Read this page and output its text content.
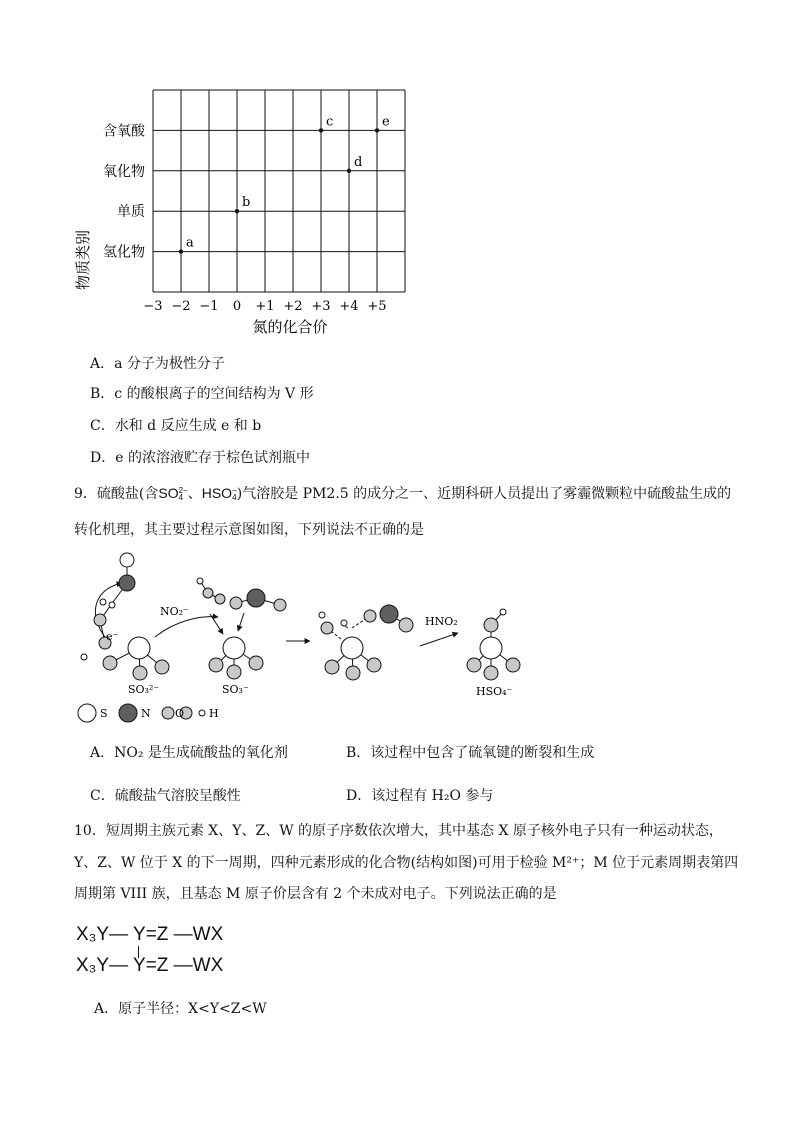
氢化物
单质
氧化物
含氧酸
−3 −2 −1 0 +1 +2 +3 +4 +5
a
b
c
d
e
物质类别
氮的化合价
A．a 分子为极性分子
B．c 的酸根离子的空间结构为 V 形
C．水和 d 反应生成 e 和 b
D．e 的浓溶液贮存于棕色试剂瓶中
9．硫酸盐(含SO2−
4 、HSO−
4)气溶胶是 PM2.5 的成分之一、近期科研人员提出了雾霾微颗粒中硫酸盐生成的
转化机理，其主要过程示意图如图，下列说法不正确的是
e⁻
NO₂⁻
SO₃²⁻	SO₃⁻
HNO₂
HSO₄⁻
S	N O H
A．NO₂ 是生成硫酸盐的氧化剂	B．该过程中包含了硫氧键的断裂和生成
C．硫酸盐气溶胶呈酸性	D．该过程有 H₂O 参与
10．短周期主族元素 X、Y、Z、W 的原子序数依次增大，其中基态 X 原子核外电子只有一种运动状态，
Y、Z、W 位于 X 的下一周期，四种元素形成的化合物(结构如图)可用于检验 M²⁺；M 位于元素周期表第四
周期第 VIII 族，且基态 M 原子价层含有 2 个未成对电子。下列说法正确的是
X₃Y— Y=Z —WX
X₃Y— Y=Z —WX
A．原子半径：X<Y<Z<W
